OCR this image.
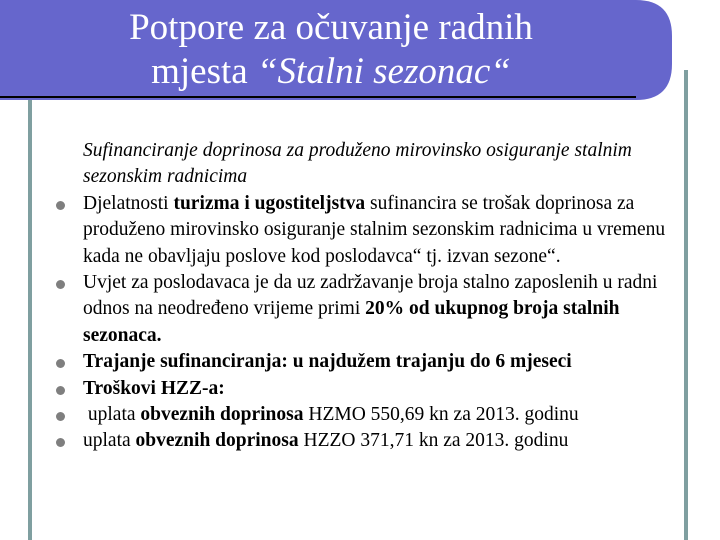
Potpore za očuvanje radnih
mjesta “Stalni sezonac“

Sufinanciranje doprinosa za produženo mirovinsko osiguranje stalnim sezonskim radnicima

Djelatnosti turizma i ugostiteljstva sufinancira se trošak doprinosa za produženo mirovinsko osiguranje stalnim sezonskim radnicima u vremenu kada ne obavljaju poslove kod poslodavca“ tj. izvan sezone“.
Uvjet za poslodavaca je da uz zadržavanje broja stalno zaposlenih u radni odnos na neodređeno vrijeme primi 20% od ukupnog broja stalnih sezonaca.
Trajanje sufinanciranja: u najdužem trajanju do 6 mjeseci
Troškovi HZZ-a:
uplata obveznih doprinosa HZMO 550,69 kn za 2013. godinu
uplata obveznih doprinosa HZZO 371,71 kn za 2013. godinu
